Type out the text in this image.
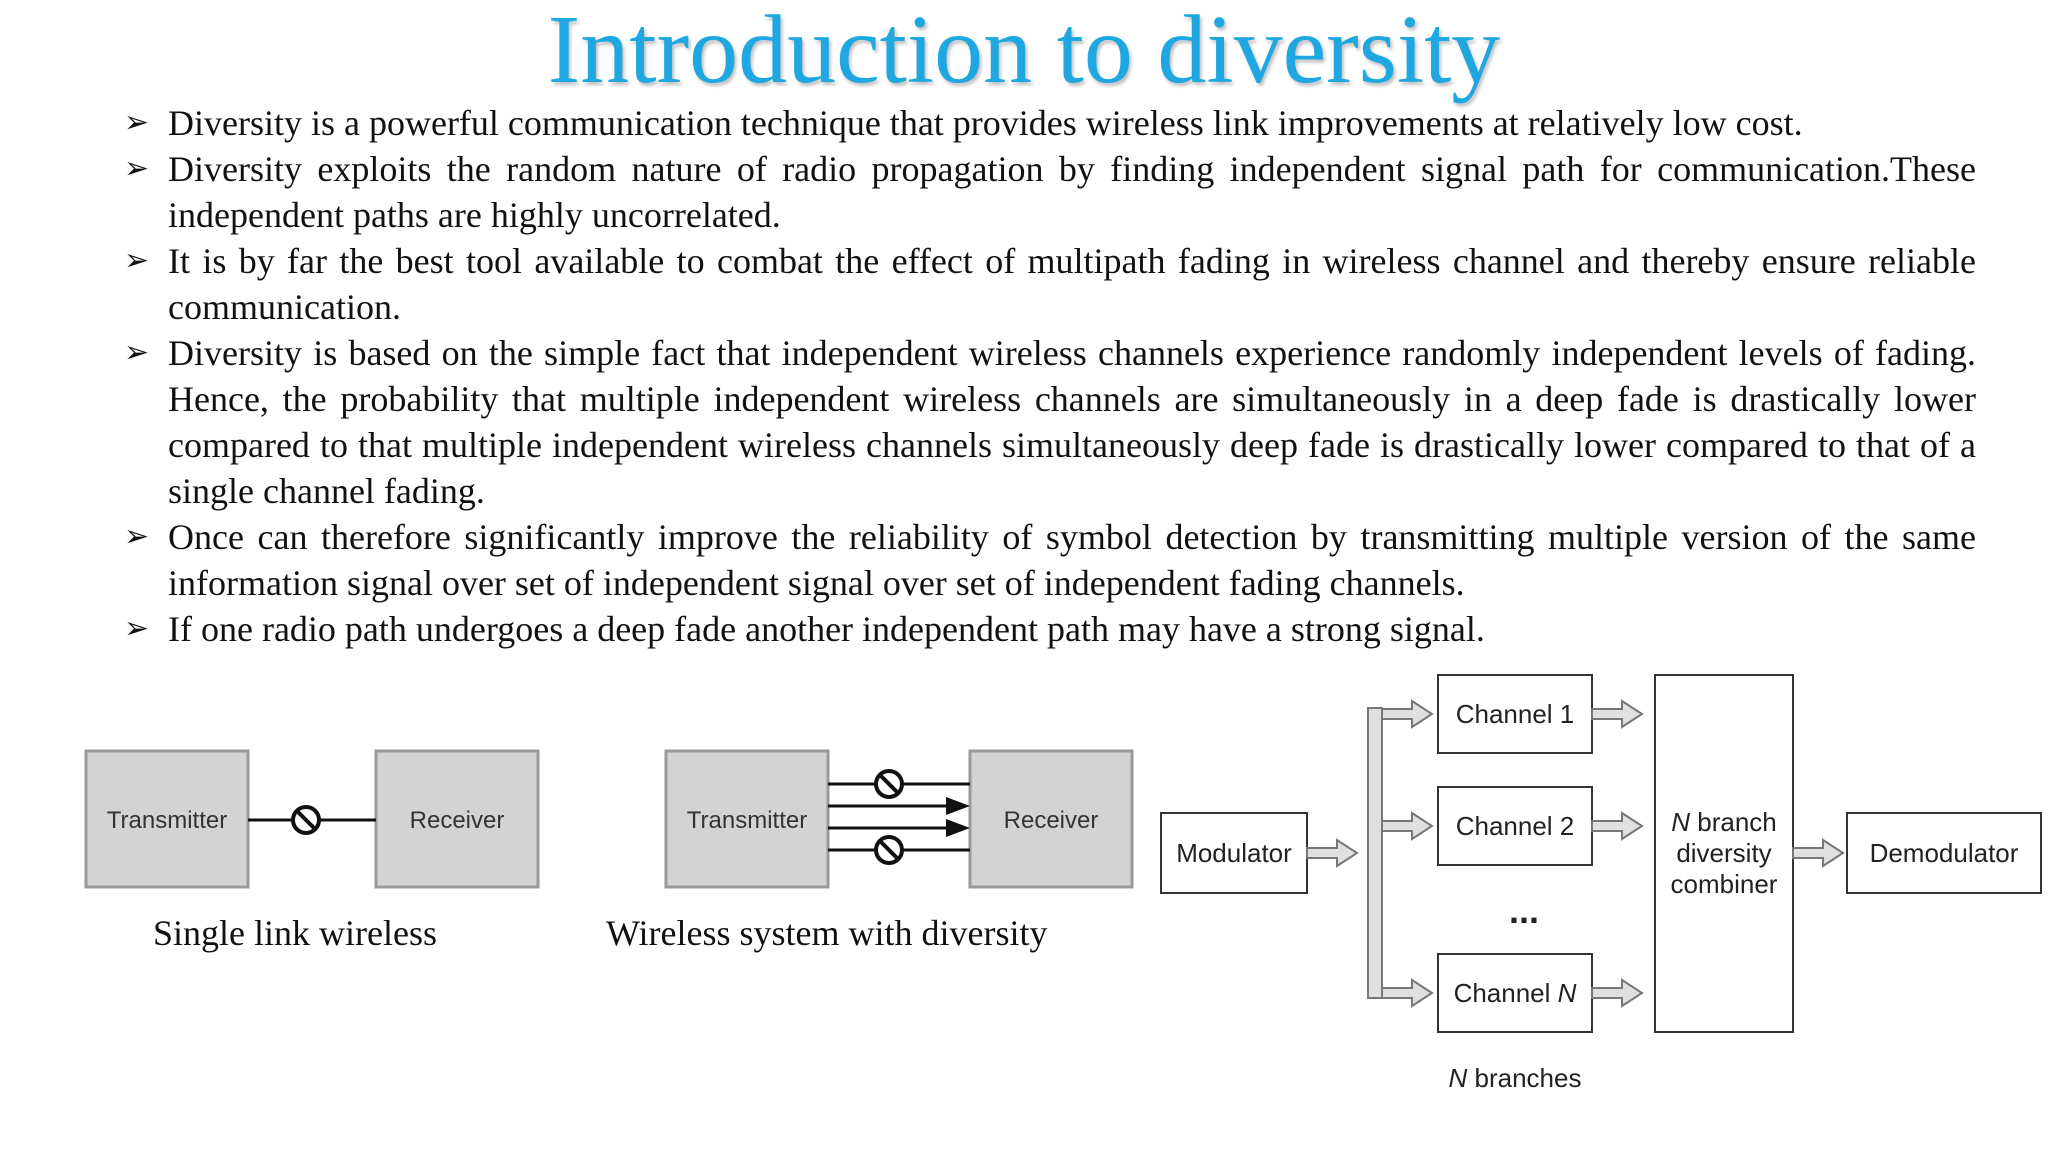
Introduction to diversity
➢ Diversity is a powerful communication technique that provides wireless link improvements at relatively low cost.
➢ Diversity exploits the random nature of radio propagation by finding independent signal path for communication.These independent paths are highly uncorrelated.
➢ It is by far the best tool available to combat the effect of multipath fading in wireless channel and thereby ensure reliable communication.
➢ Diversity is based on the simple fact that independent wireless channels experience randomly independent levels of fading. Hence, the probability that multiple independent wireless channels are simultaneously in a deep fade is drastically lower compared to that multiple independent wireless channels simultaneously deep fade is drastically lower compared to that of a single channel fading.
➢ Once can therefore significantly improve the reliability of symbol detection by transmitting multiple version of the same information signal over set of independent signal over set of independent fading channels.
➢ If one radio path undergoes a deep fade another independent path may have a strong signal.
Transmitter	Receiver
Single link wireless
Transmitter	Receiver
Wireless system with diversity
Modulator
Channel 1
Channel 2
...
Channel N
N branch
diversity
combiner
Demodulator
N branches
